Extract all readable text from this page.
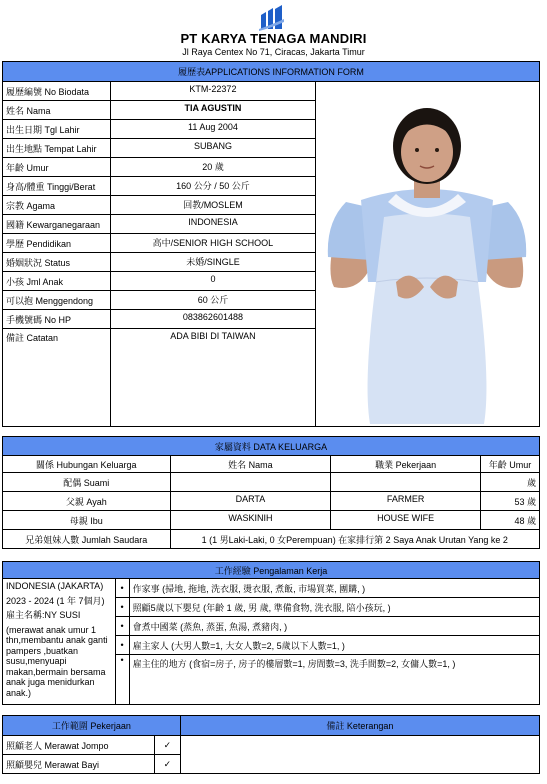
PT KARYA TENAGA MANDIRI
Jl Raya Centex No 71, Ciracas, Jakarta Timur
履歷表APPLICATIONS INFORMATION FORM		
履歷編號 No Biodata	KTM-22372	
姓名 Nama	TIA AGUSTIN	
出生日期 Tgl Lahir	11 Aug 2004	
出生地點 Tempat Lahir	SUBANG	
年齡 Umur	20 歲	
身高/體重 Tinggi/Berat	160 公分 / 50 公斤	
宗教 Agama	回教/MOSLEM	
國籍 Kewarganegaraan	INDONESIA	
學歷 Pendidikan	高中/SENIOR HIGH SCHOOL	
婚姻狀況 Status	未婚/SINGLE	
小孩 Jml Anak	0	
可以抱 Menggendong	60 公斤	
手機號碼 No HP	083862601488	
備註 Catatan	ADA BIBI DI TAIWAN	
家屬資料 DATA KELUARGA			
關係 Hubungan Keluarga	姓名 Nama	職業 Pekerjaan	年齡 Umur
配偶 Suami			歲
父親 Ayah	DARTA	FARMER	53 歲
母親 Ibu	WASKINIH	HOUSE WIFE	48 歲
兄弟姐妹人數 Jumlah Saudara	1 (1 男Laki-Laki, 0 女Perempuan) 在家排行第 2 Saya Anak Urutan Yang ke 2		
工作經驗 Pengalaman Kerja		

INDONESIA (JAKARTA)
2023 - 2024 (1 年 7個月)
雇主名稱:NY SUSI
(merawat anak umur 1 thn,membantu anak ganti pampers ,buatkan susu,menyuapi makan,bermain bersama anak juga menidurkan anak.)	•	作家事 (掃地, 拖地, 洗衣服, 燙衣服, 煮飯, 市場買菜, 團購, )
	•	照顧5歲以下嬰兒 (年齡 1 歲, 男 歲, 準備食物, 洗衣服, 陪小孩玩, )
	•	會煮中國菜 (蒸魚, 蒸蛋, 魚湯, 煮豬肉, )
	•	雇主家人 (大男人數=1, 大女人數=2, 5歲以下人數=1, )
	•	雇主住的地方 (食宿=房子, 房子的樓層數=1, 房間數=3, 洗手間數=2, 女傭人數=1, )
工作範圍 Pekerjaan		備註 Keterangan
照顧老人 Merawat Jompo	✓	
照顧嬰兒 Merawat Bayi	✓	
